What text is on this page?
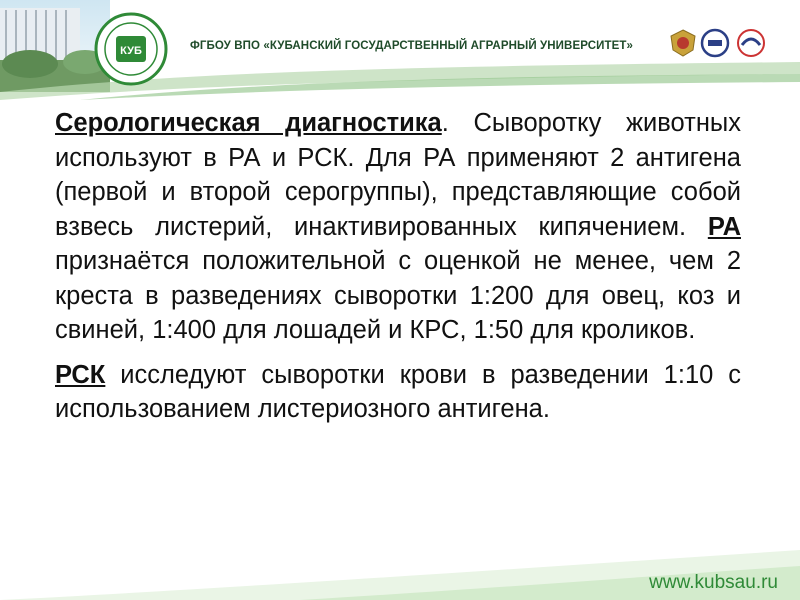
КУБ	ФГБОУ ВПО «КУБАНСКИЙ ГОСУДАРСТВЕННЫЙ АГРАРНЫЙ УНИВЕРСИТЕТ»

Серологическая диагностика. Сыворотку животных используют в РА и РСК. Для РА применяют 2 антигена (первой и второй серогруппы), представляющие собой взвесь листерий, инактивированных кипячением. РА признаётся положительной с оценкой не менее, чем 2 креста в разведениях сыворотки 1:200 для овец, коз и свиней, 1:400 для лошадей и КРС, 1:50 для кроликов.

РСК исследуют сыворотки крови в разведении 1:10 с использованием листериозного антигена.

www.kubsau.ru
